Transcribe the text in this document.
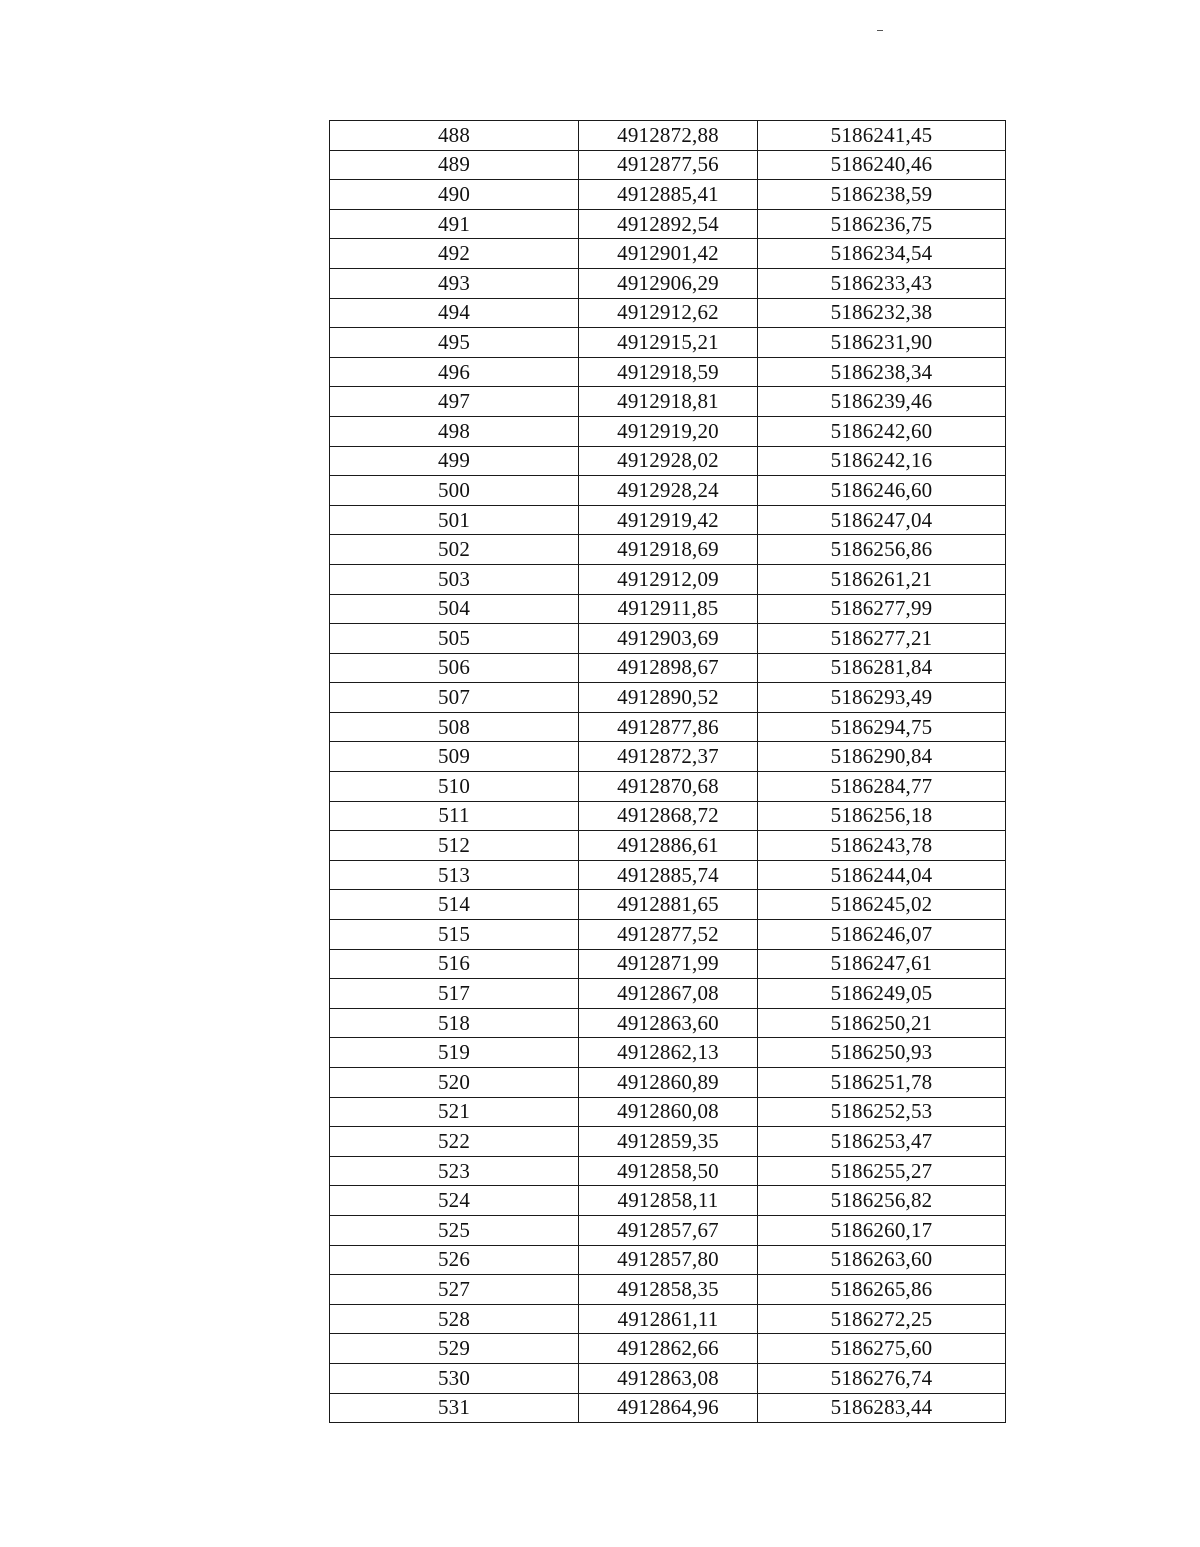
488	4912872,88	5186241,45
489	4912877,56	5186240,46
490	4912885,41	5186238,59
491	4912892,54	5186236,75
492	4912901,42	5186234,54
493	4912906,29	5186233,43
494	4912912,62	5186232,38
495	4912915,21	5186231,90
496	4912918,59	5186238,34
497	4912918,81	5186239,46
498	4912919,20	5186242,60
499	4912928,02	5186242,16
500	4912928,24	5186246,60
501	4912919,42	5186247,04
502	4912918,69	5186256,86
503	4912912,09	5186261,21
504	4912911,85	5186277,99
505	4912903,69	5186277,21
506	4912898,67	5186281,84
507	4912890,52	5186293,49
508	4912877,86	5186294,75
509	4912872,37	5186290,84
510	4912870,68	5186284,77
511	4912868,72	5186256,18
512	4912886,61	5186243,78
513	4912885,74	5186244,04
514	4912881,65	5186245,02
515	4912877,52	5186246,07
516	4912871,99	5186247,61
517	4912867,08	5186249,05
518	4912863,60	5186250,21
519	4912862,13	5186250,93
520	4912860,89	5186251,78
521	4912860,08	5186252,53
522	4912859,35	5186253,47
523	4912858,50	5186255,27
524	4912858,11	5186256,82
525	4912857,67	5186260,17
526	4912857,80	5186263,60
527	4912858,35	5186265,86
528	4912861,11	5186272,25
529	4912862,66	5186275,60
530	4912863,08	5186276,74
531	4912864,96	5186283,44
